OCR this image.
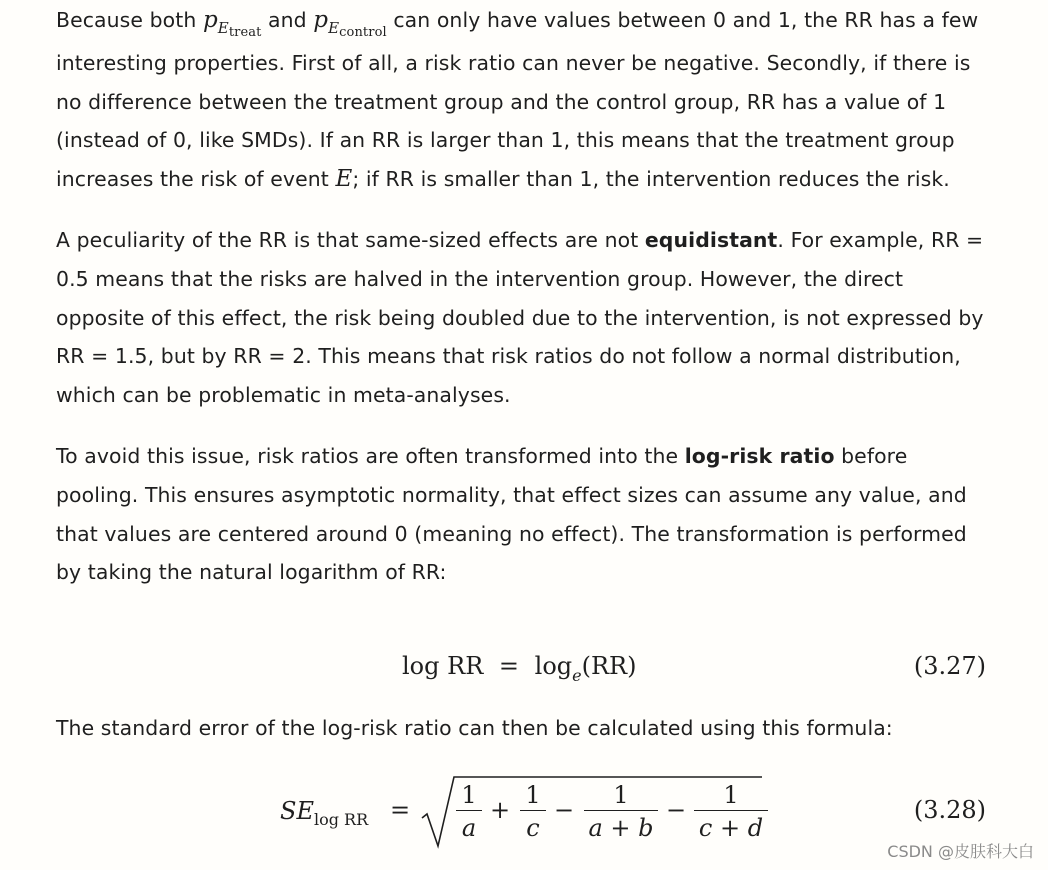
Because both $p_{Etreat}$ and $p_{Econtrol}$ can only have values between 0 and 1, the RR has a few interesting properties. First of all, a risk ratio can never be negative. Secondly, if there is no difference between the treatment group and the control group, RR has a value of 1 (instead of 0, like SMDs). If an RR is larger than 1, this means that the treatment group increases the risk of event E; if RR is smaller than 1, the intervention reduces the risk.

A peculiarity of the RR is that same-sized effects are not equidistant. For example, RR = 0.5 means that the risks are halved in the intervention group. However, the direct opposite of this effect, the risk being doubled due to the intervention, is not expressed by RR = 1.5, but by RR = 2. This means that risk ratios do not follow a normal distribution, which can be problematic in meta-analyses.

To avoid this issue, risk ratios are often transformed into the log-risk ratio before pooling. This ensures asymptotic normality, that effect sizes can assume any value, and that values are centered around 0 (meaning no effect). The transformation is performed by taking the natural logarithm of RR:

log RR = $\log_e(RR)$	(3.27)

The standard error of the log-risk ratio can then be calculated using this formula:

$SE_{log RR}$ =
1
a
+
1
c
−
1
a + b
−
1
c + d
(3.28)
CSDN @皮肤科大白
